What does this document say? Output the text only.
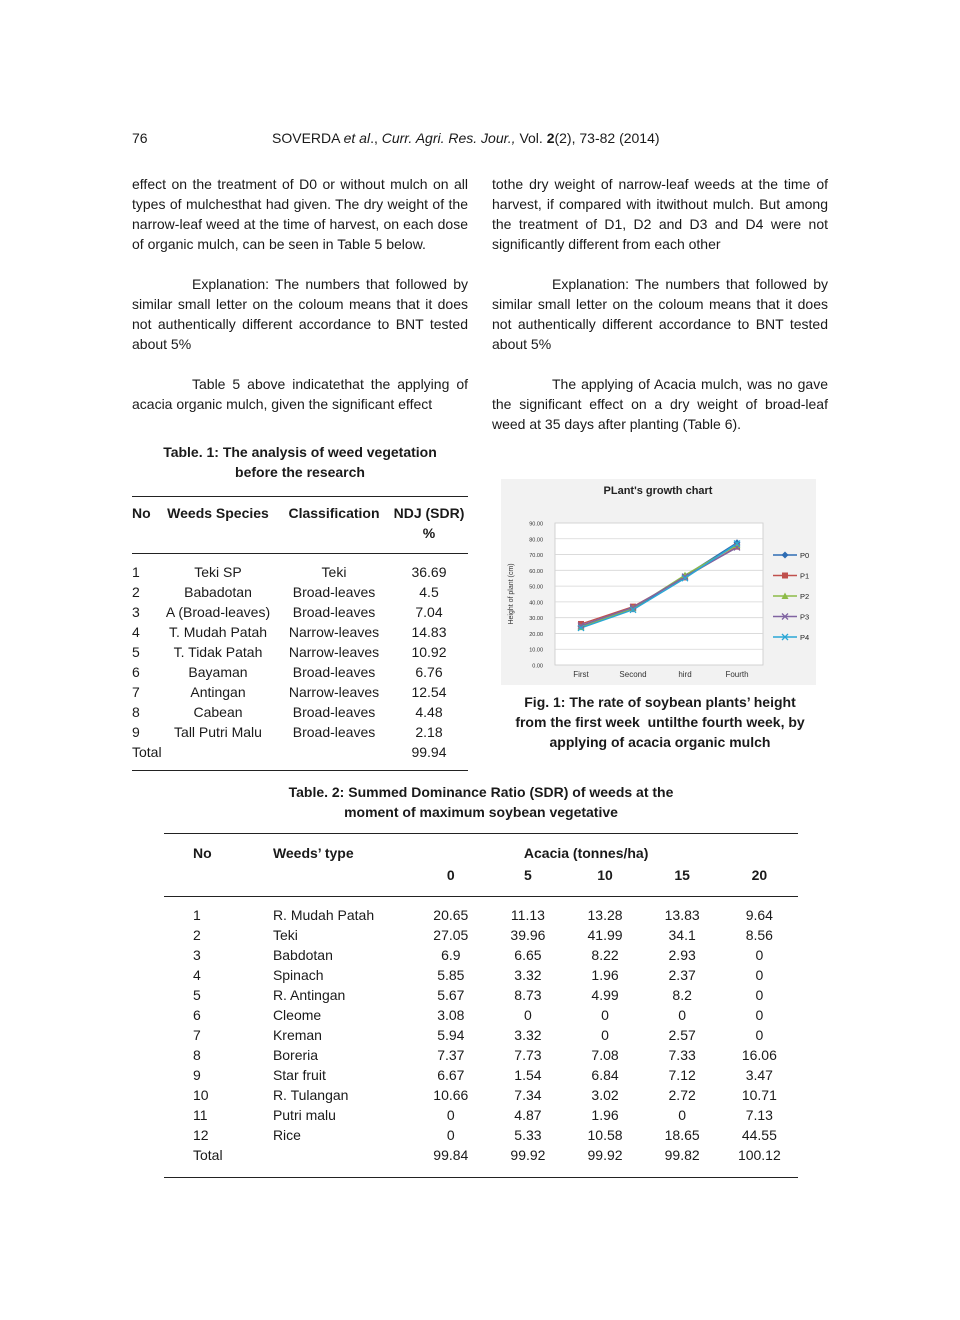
76	SOVERDA et al., Curr. Agri. Res. Jour., Vol. 2(2), 73-82 (2014)

effect on the treatment of D0 or without mulch on all types of mulchesthat had given. The dry weight of the narrow-leaf weed at the time of harvest, on each dose of organic mulch, can be seen in Table 5 below.

Explanation: The numbers that followed by similar small letter on the coloum means that it does not authentically different accordance to BNT tested about 5%

Table 5 above indicatethat the applying of acacia organic mulch, given the significant effect

tothe dry weight of narrow-leaf weeds at the time of harvest, if compared with itwithout mulch. But among the treatment of D1, D2 and D3 and D4 were not significantly different from each other

Explanation: The numbers that followed by similar small letter on the coloum means that it does not authentically different accordance to BNT tested about 5%

The applying of Acacia mulch, was no gave the significant effect on a dry weight of broad-leaf weed at 35 days after planting (Table 6).

Table. 1: The analysis of weed vegetation
before the research
No	Weeds Species	Classification	NDJ (SDR)
%

1	Teki SP	Teki	36.69
2	Babadotan	Broad-leaves	4.5
3	A (Broad-leaves)	Broad-leaves	7.04
4	T. Mudah Patah	Narrow-leaves	14.83
5	T. Tidak Patah	Narrow-leaves	10.92
6	Bayaman	Broad-leaves	6.76
7	Antingan	Narrow-leaves	12.54
8	Cabean	Broad-leaves	4.48
9	Tall Putri Malu	Broad-leaves	2.18
Total			99.94
PLant's growth chart
0.00
10.00
20.00
30.00
40.00
50.00
60.00
70.00
80.00
90.00
Height of plant (cm)
First	Second	hird	Fourth
P0
P1
P2
P3
P4
Fig. 1: The rate of soybean plants’ height
from the first week  untilthe fourth week, by
applying of acacia organic mulch
Table. 2: Summed Dominance Ratio (SDR) of weeds at the
moment of maximum soybean vegetative
No	Weeds’ type	Acacia (tonnes/ha)				
		0	5	10	15	20
1	R. Mudah Patah	20.65	11.13	13.28	13.83	9.64
2	Teki	27.05	39.96	41.99	34.1	8.56
3	Babdotan	6.9	6.65	8.22	2.93	0
4	Spinach	5.85	3.32	1.96	2.37	0
5	R. Antingan	5.67	8.73	4.99	8.2	0
6	Cleome	3.08	0	0	0	0
7	Kreman	5.94	3.32	0	2.57	0
8	Boreria	7.37	7.73	7.08	7.33	16.06
9	Star fruit	6.67	1.54	6.84	7.12	3.47
10	R. Tulangan	10.66	7.34	3.02	2.72	10.71
11	Putri malu	0	4.87	1.96	0	7.13
12	Rice	0	5.33	10.58	18.65	44.55
Total		99.84	99.92	99.92	99.82	100.12
